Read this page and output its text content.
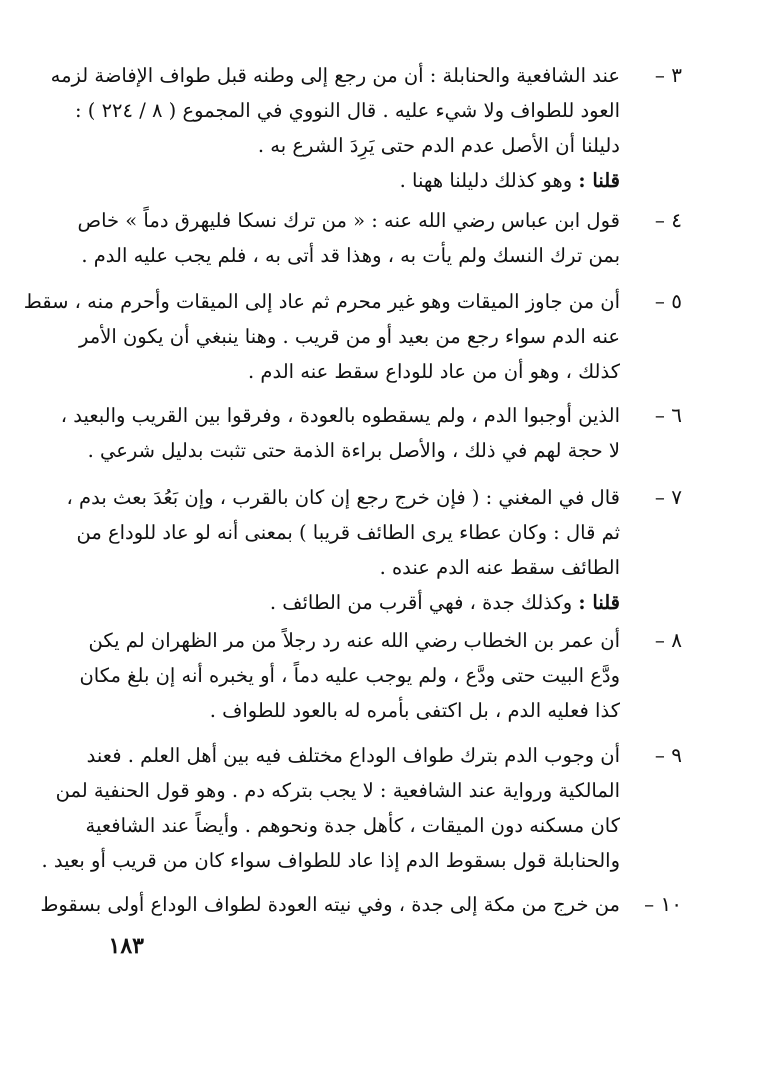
٣ –
عند الشافعية والحنابلة : أن من رجع إلى وطنه قبل طواف الإفاضة لزمه
العود للطواف ولا شيء عليه . قال النووي في المجموع ( ٨ / ٢٢٤ ) :
دليلنا أن الأصل عدم الدم حتى يَرِدَ الشرع به .
قلنا : وهو كذلك دليلنا ههنا .
٤ –
قول ابن عباس رضي الله عنه : « من ترك نسكا فليهرق دماً » خاص
بمن ترك النسك ولم يأت به ، وهذا قد أتى به ، فلم يجب عليه الدم .
٥ –
أن من جاوز الميقات وهو غير محرم ثم عاد إلى الميقات وأحرم منه ، سقط
عنه الدم سواء رجع من بعيد أو من قريب . وهنا ينبغي أن يكون الأمر
كذلك ، وهو أن من عاد للوداع سقط عنه الدم .
٦ –
الذين أوجبوا الدم ، ولم يسقطوه بالعودة ، وفرقوا بين القريب والبعيد ،
لا حجة لهم في ذلك ، والأصل براءة الذمة حتى تثبت بدليل شرعي .
٧ –
قال في المغني : ( فإن خرج رجع إن كان بالقرب ، وإن بَعُدَ بعث بدم ،
ثم قال : وكان عطاء يرى الطائف قريبا ) بمعنى أنه لو عاد للوداع من
الطائف سقط عنه الدم عنده .
قلنا : وكذلك جدة ، فهي أقرب من الطائف .
٨ –
أن عمر بن الخطاب رضي الله عنه رد رجلاً من مر الظهران لم يكن
ودَّع البيت حتى ودَّع ، ولم يوجب عليه دماً ، أو يخبره أنه إن بلغ مكان
كذا فعليه الدم ، بل اكتفى بأمره له بالعود للطواف .
٩ –
أن وجوب الدم بترك طواف الوداع مختلف فيه بين أهل العلم . فعند
المالكية ورواية عند الشافعية : لا يجب بتركه دم . وهو قول الحنفية لمن
كان مسكنه دون الميقات ، كأهل جدة ونحوهم . وأيضاً عند الشافعية
والحنابلة قول بسقوط الدم إذا عاد للطواف سواء كان من قريب أو بعيد .
١٠ –
من خرج من مكة إلى جدة ، وفي نيته العودة لطواف الوداع أولى بسقوط
١٨٣
